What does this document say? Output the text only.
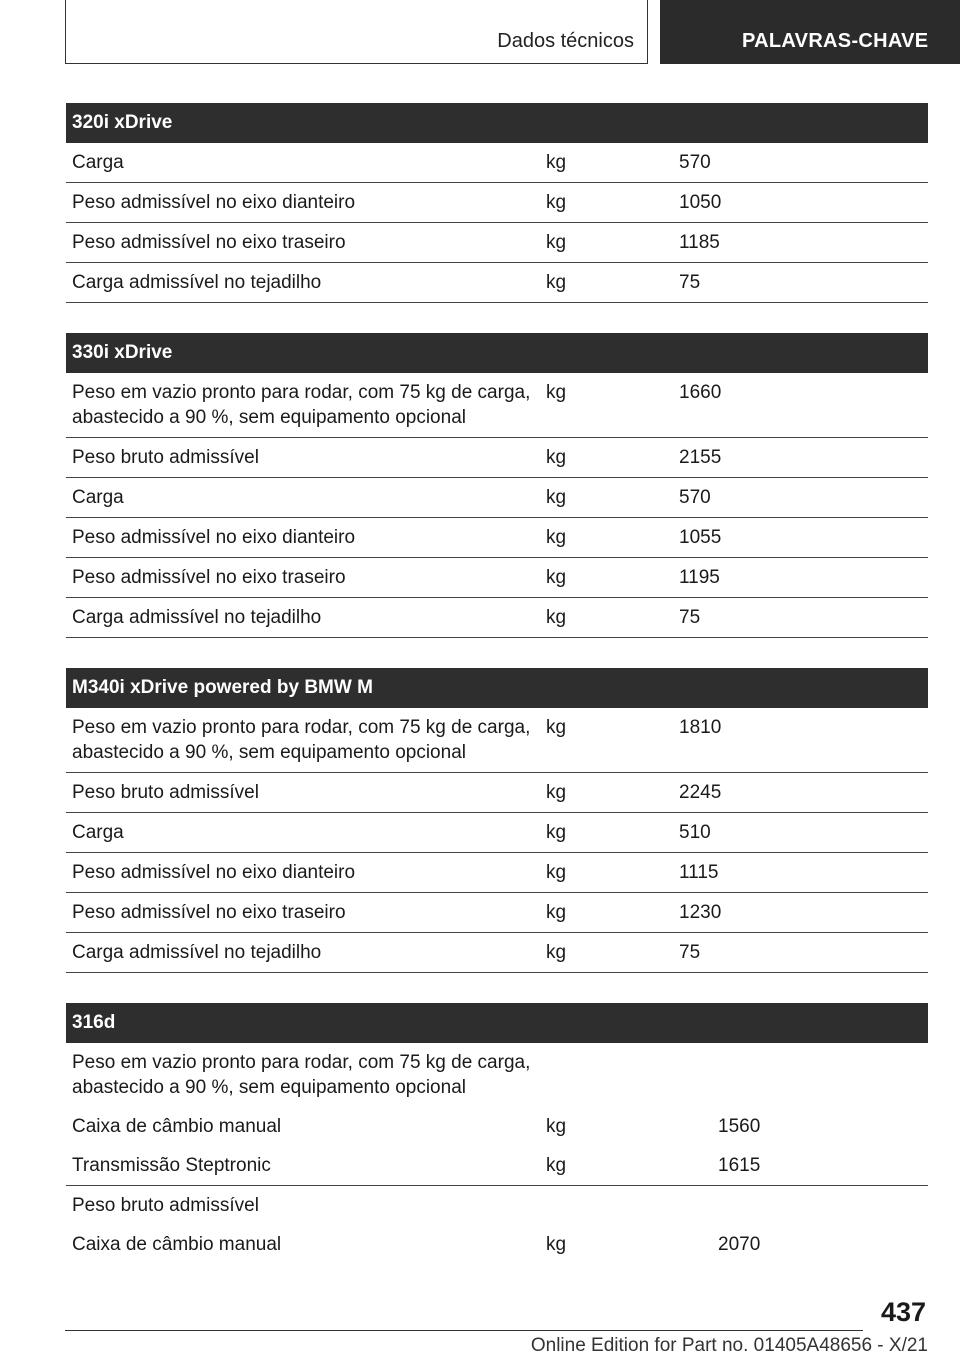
Dados técnicos	PALAVRAS-CHAVE
320i xDrive
Carga	kg	570
Peso admissível no eixo dianteiro	kg	1050
Peso admissível no eixo traseiro	kg	1185
Carga admissível no tejadilho	kg	75
330i xDrive
Peso em vazio pronto para rodar, com 75 kg de carga,
abastecido a 90 %, sem equipamento opcional
kg	1660
Peso bruto admissível	kg	2155
Carga	kg	570
Peso admissível no eixo dianteiro	kg	1055
Peso admissível no eixo traseiro	kg	1195
Carga admissível no tejadilho	kg	75
M340i xDrive powered by BMW M
Peso em vazio pronto para rodar, com 75 kg de carga,
abastecido a 90 %, sem equipamento opcional
kg	1810
Peso bruto admissível	kg	2245
Carga	kg	510
Peso admissível no eixo dianteiro	kg	1115
Peso admissível no eixo traseiro	kg	1230
Carga admissível no tejadilho	kg	75
316d
Peso em vazio pronto para rodar, com 75 kg de carga,
abastecido a 90 %, sem equipamento opcional
Caixa de câmbio manual	kg	1560
Transmissão Steptronic	kg	1615
Peso bruto admissível
Caixa de câmbio manual	kg	2070
437
Online Edition for Part no. 01405A48656 - X/21
